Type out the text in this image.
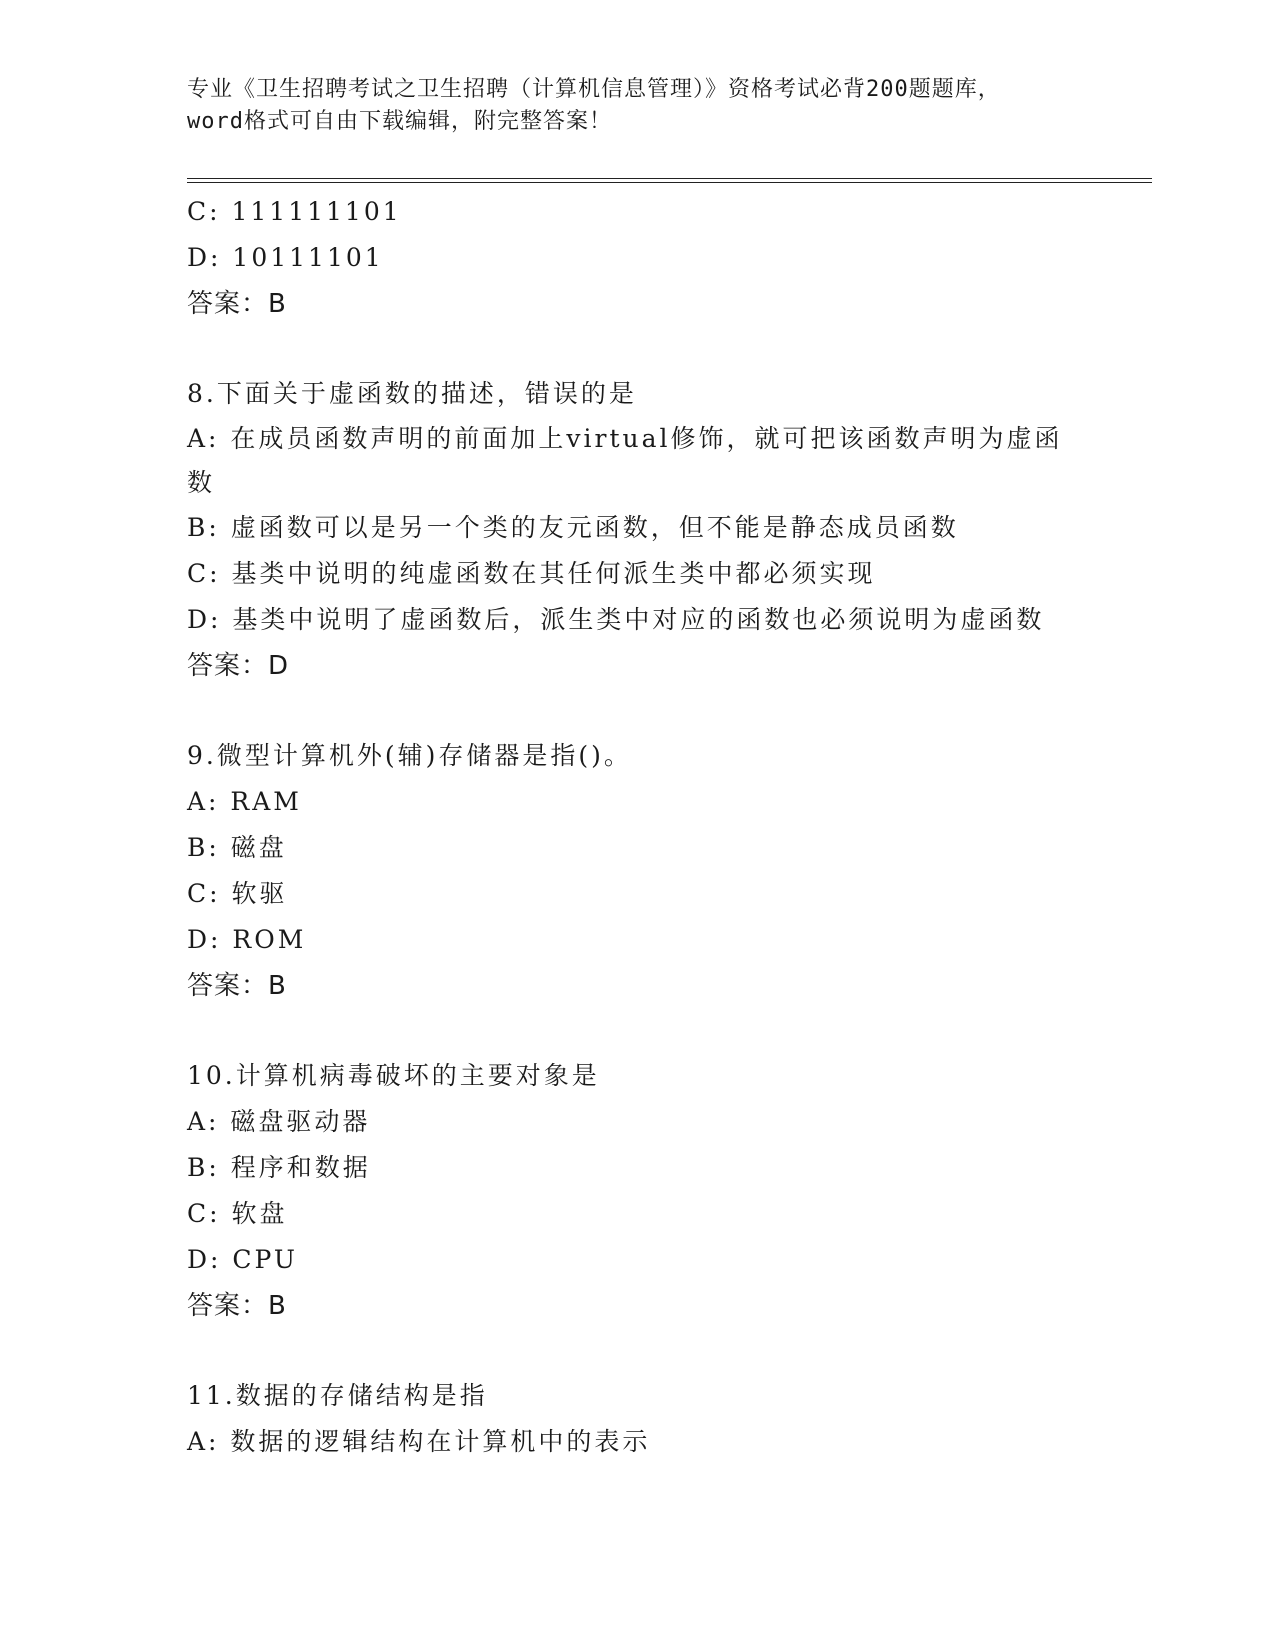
专业《卫生招聘考试之卫生招聘（计算机信息管理）》资格考试必背200题题库，
word格式可自由下载编辑，附完整答案！
C: 111111101
D: 10111101
答案：B
8.下面关于虚函数的描述，错误的是
A: 在成员函数声明的前面加上virtual修饰，就可把该函数声明为虚函数
B: 虚函数可以是另一个类的友元函数，但不能是静态成员函数
C: 基类中说明的纯虚函数在其任何派生类中都必须实现
D: 基类中说明了虚函数后，派生类中对应的函数也必须说明为虚函数
答案：D
9.微型计算机外(辅)存储器是指()。
A: RAM
B: 磁盘
C: 软驱
D: ROM
答案：B
10.计算机病毒破坏的主要对象是
A: 磁盘驱动器
B: 程序和数据
C: 软盘
D: CPU
答案：B
11.数据的存储结构是指
A: 数据的逻辑结构在计算机中的表示
